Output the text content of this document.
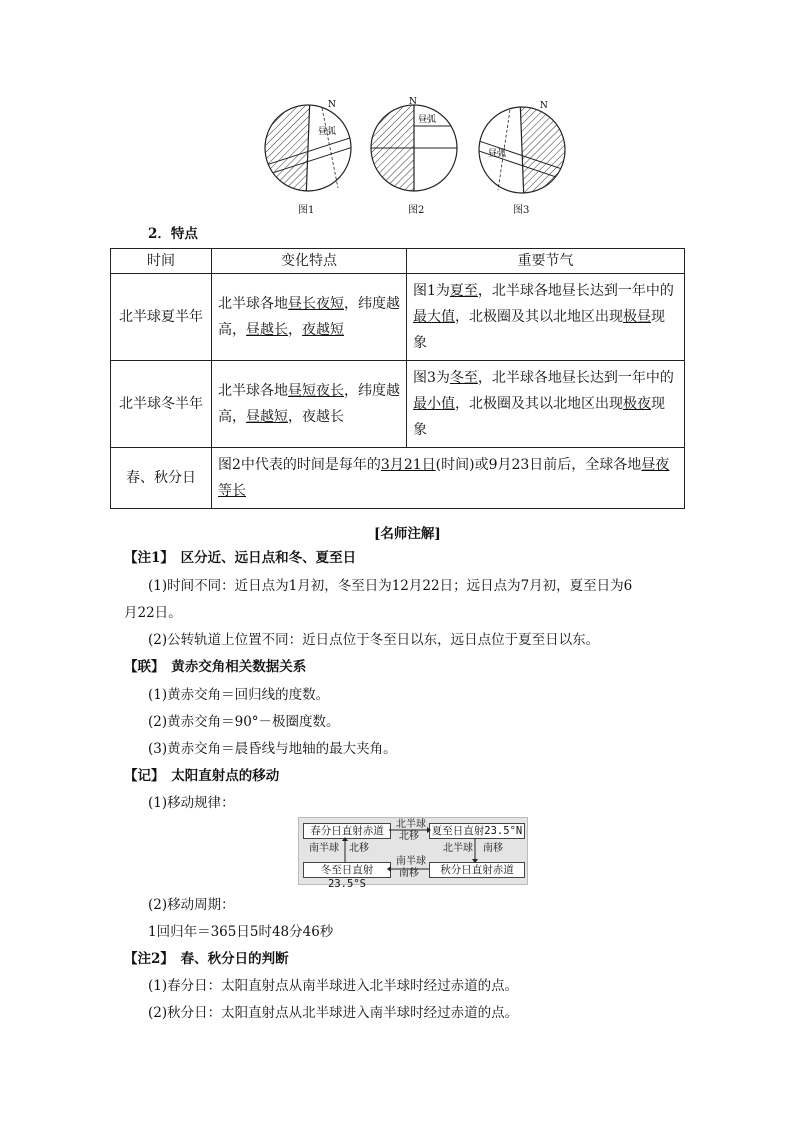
N
昼弧
图1
N
昼弧
图2
N
昼弧
图3
2．特点
时间	变化特点	重要节气
北半球夏半年	北半球各地昼长夜短，纬度越高，昼越长，夜越短	图1为夏至，北半球各地昼长达到一年中的最大值，北极圈及其以北地区出现极昼现象
北半球冬半年	北半球各地昼短夜长，纬度越高，昼越短，夜越长	图3为冬至，北半球各地昼长达到一年中的最小值，北极圈及其以北地区出现极夜现象
春、秋分日	图2中代表的时间是每年的3月21日(时间)或9月23日前后，全球各地昼夜等长	
[名师注解]
【注1】　区分近、远日点和冬、夏至日
(1)时间不同：近日点为1月初，冬至日为12月22日；远日点为7月初，夏至日为6
月22日。
(2)公转轨道上位置不同：近日点位于冬至日以东，远日点位于夏至日以东。
【联】　黄赤交角相关数据关系
(1)黄赤交角＝回归线的度数。
(2)黄赤交角＝90°－极圈度数。
(3)黄赤交角＝晨昏线与地轴的最大夹角。
【记】　太阳直射点的移动
(1)移动规律：
春分日直射赤道	夏至日直射23.5°N
冬至日直射23.5°S
秋分日直射赤道
北半球
北移
南半球
南移
北半球　南移
南半球　北移
(2)移动周期：
1回归年＝365日5时48分46秒
【注2】　春、秋分日的判断
(1)春分日：太阳直射点从南半球进入北半球时经过赤道的点。
(2)秋分日：太阳直射点从北半球进入南半球时经过赤道的点。
